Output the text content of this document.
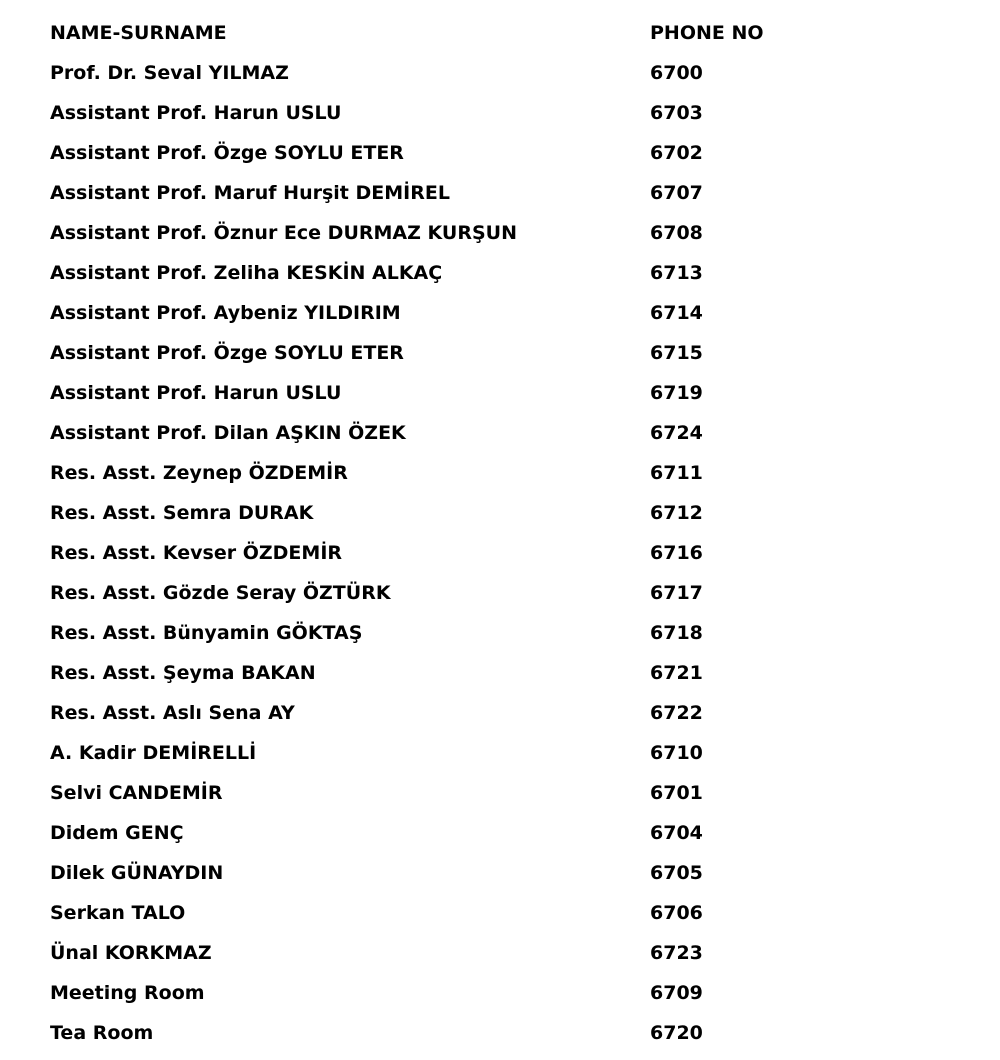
NAME-SURNAME	PHONE NO
Prof. Dr. Seval YILMAZ	6700
Assistant Prof. Harun USLU	6703
Assistant Prof. Özge SOYLU ETER	6702
Assistant Prof. Maruf Hurşit DEMİREL	6707
Assistant Prof. Öznur Ece DURMAZ KURŞUN	6708
Assistant Prof. Zeliha KESKİN ALKAÇ	6713
Assistant Prof. Aybeniz YILDIRIM	6714
Assistant Prof. Özge SOYLU ETER	6715
Assistant Prof. Harun USLU	6719
Assistant Prof. Dilan AŞKIN ÖZEK	6724
Res. Asst. Zeynep ÖZDEMİR	6711
Res. Asst. Semra DURAK	6712
Res. Asst. Kevser ÖZDEMİR	6716
Res. Asst. Gözde Seray ÖZTÜRK	6717
Res. Asst. Bünyamin GÖKTAŞ	6718
Res. Asst. Şeyma BAKAN	6721
Res. Asst. Aslı Sena AY	6722
A. Kadir DEMİRELLİ	6710
Selvi CANDEMİR	6701
Didem GENÇ	6704
Dilek GÜNAYDIN	6705
Serkan TALO	6706
Ünal KORKMAZ	6723
Meeting Room	6709
Tea Room	6720
